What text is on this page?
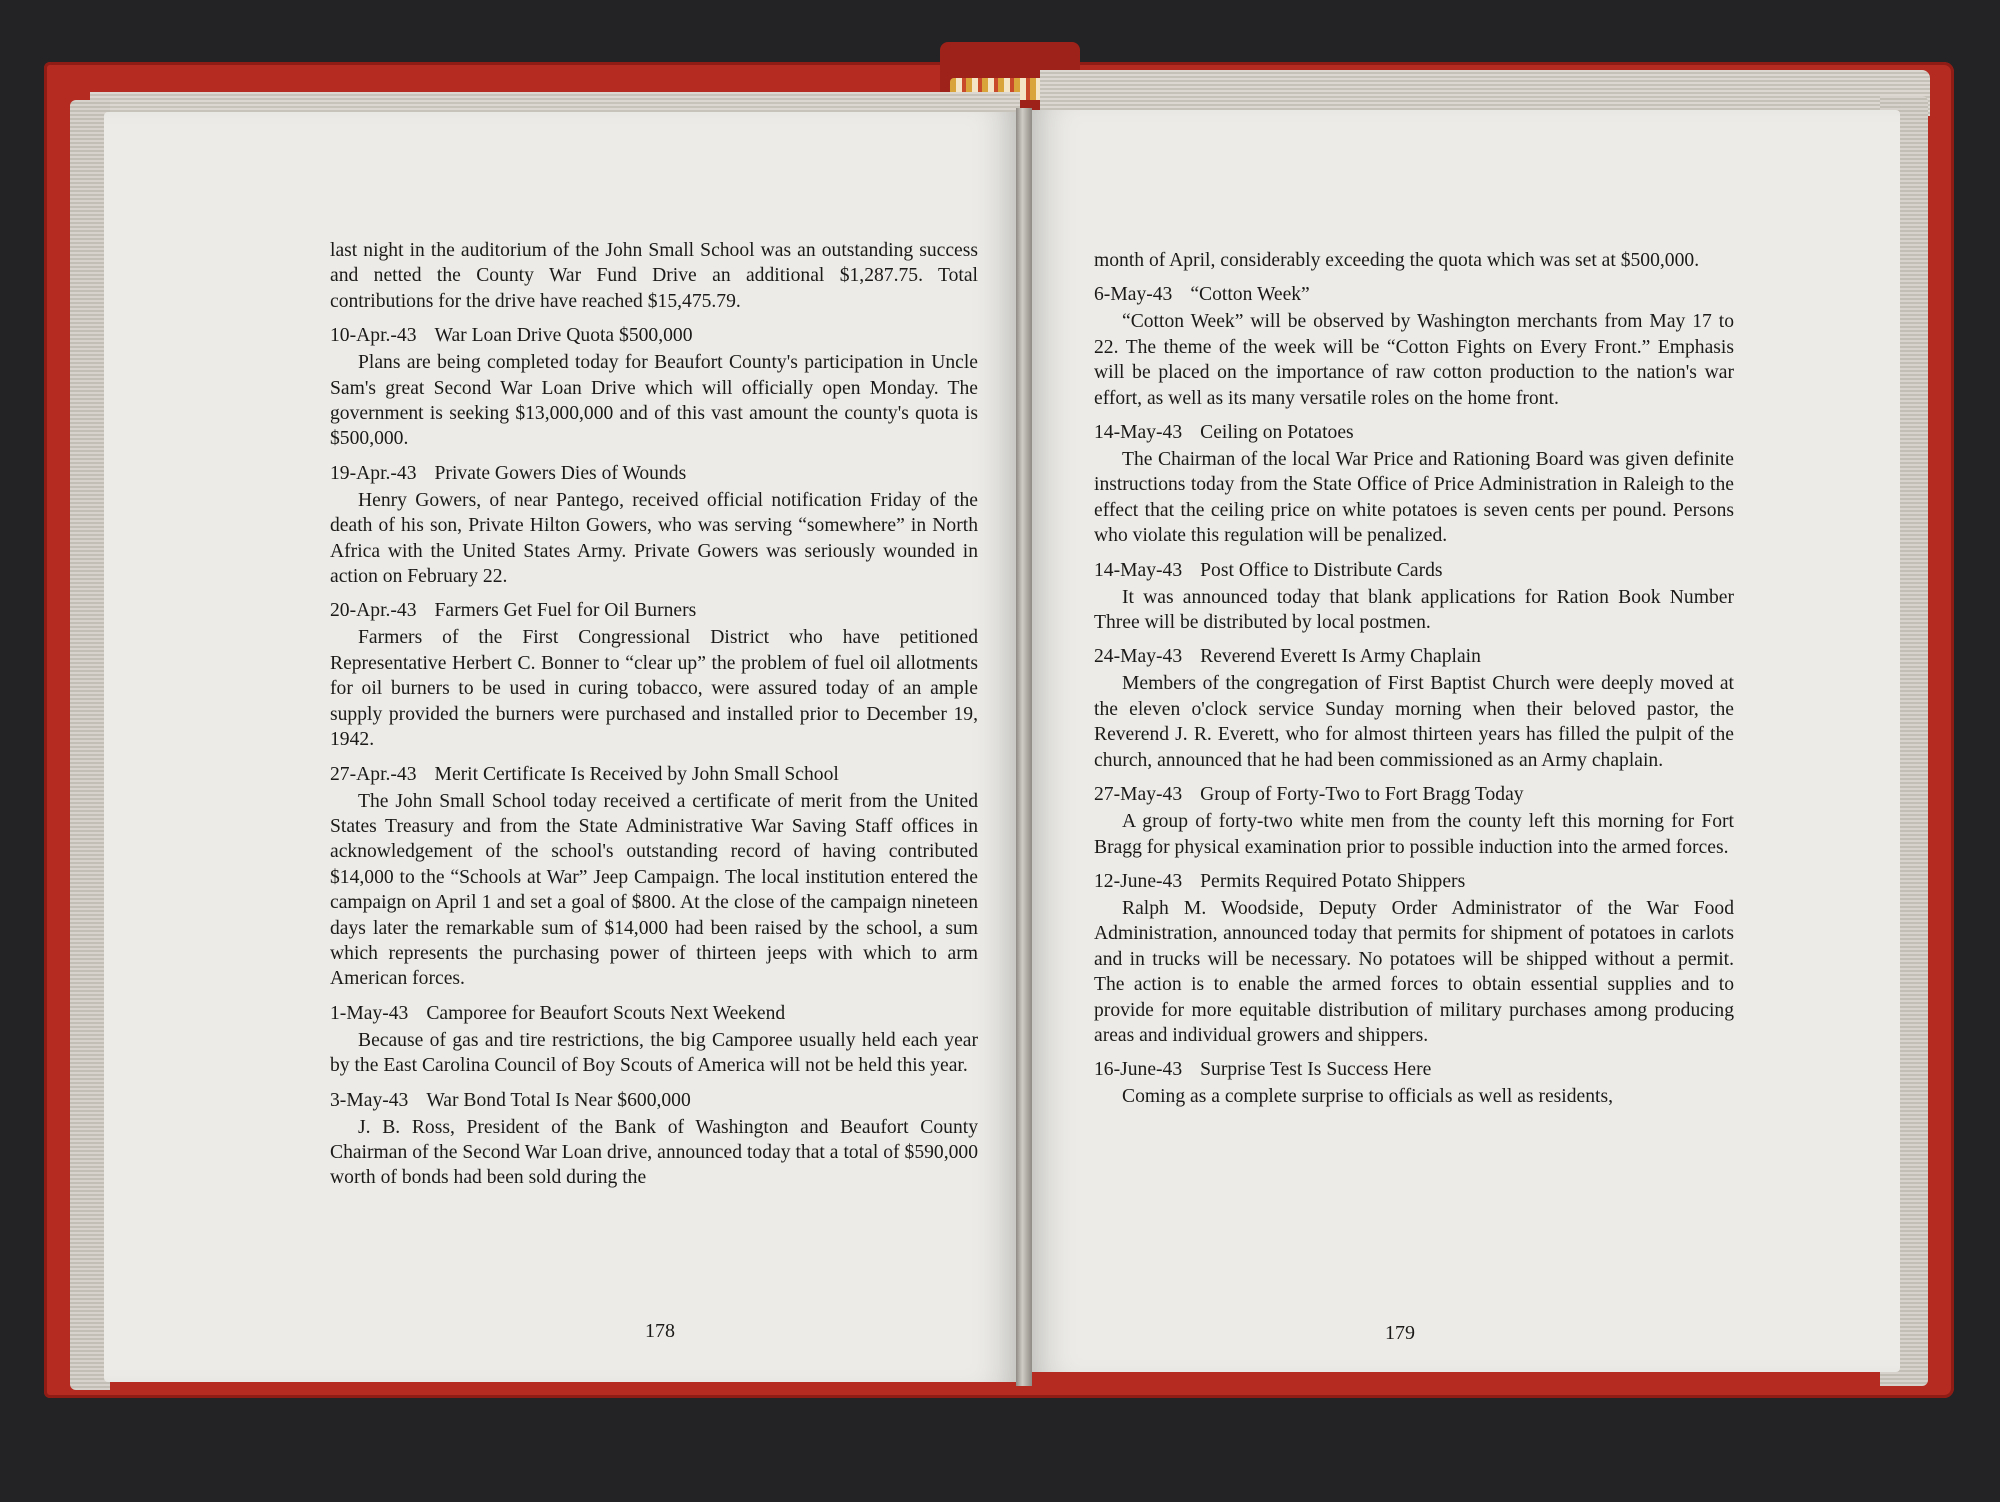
last night in the auditorium of the John Small School was an outstanding success and netted the County War Fund Drive an additional $1,287.75. Total contributions for the drive have reached $15,475.79.

10-Apr.-43 War Loan Drive Quota $500,000

Plans are being completed today for Beaufort County's participation in Uncle Sam's great Second War Loan Drive which will officially open Monday. The government is seeking $13,000,000 and of this vast amount the county's quota is $500,000.

19-Apr.-43 Private Gowers Dies of Wounds

Henry Gowers, of near Pantego, received official notification Friday of the death of his son, Private Hilton Gowers, who was serving “somewhere” in North Africa with the United States Army. Private Gowers was seriously wounded in action on February 22.

20-Apr.-43 Farmers Get Fuel for Oil Burners

Farmers of the First Congressional District who have petitioned Representative Herbert C. Bonner to “clear up” the problem of fuel oil allotments for oil burners to be used in curing tobacco, were assured today of an ample supply provided the burners were purchased and installed prior to December 19, 1942.

27-Apr.-43 Merit Certificate Is Received by John Small School

The John Small School today received a certificate of merit from the United States Treasury and from the State Administrative War Saving Staff offices in acknowledgement of the school's outstanding record of having contributed $14,000 to the “Schools at War” Jeep Campaign. The local institution entered the campaign on April 1 and set a goal of $800. At the close of the campaign nineteen days later the remarkable sum of $14,000 had been raised by the school, a sum which represents the purchasing power of thirteen jeeps with which to arm American forces.

1-May-43 Camporee for Beaufort Scouts Next Weekend

Because of gas and tire restrictions, the big Camporee usually held each year by the East Carolina Council of Boy Scouts of America will not be held this year.

3-May-43 War Bond Total Is Near $600,000

J. B. Ross, President of the Bank of Washington and Beaufort County Chairman of the Second War Loan drive, announced today that a total of $590,000 worth of bonds had been sold during the

178

month of April, considerably exceeding the quota which was set at $500,000.

6-May-43 “Cotton Week”

“Cotton Week” will be observed by Washington merchants from May 17 to 22. The theme of the week will be “Cotton Fights on Every Front.” Emphasis will be placed on the importance of raw cotton production to the nation's war effort, as well as its many versatile roles on the home front.

14-May-43 Ceiling on Potatoes

The Chairman of the local War Price and Rationing Board was given definite instructions today from the State Office of Price Administration in Raleigh to the effect that the ceiling price on white potatoes is seven cents per pound. Persons who violate this regulation will be penalized.

14-May-43 Post Office to Distribute Cards

It was announced today that blank applications for Ration Book Number Three will be distributed by local postmen.

24-May-43 Reverend Everett Is Army Chaplain

Members of the congregation of First Baptist Church were deeply moved at the eleven o'clock service Sunday morning when their beloved pastor, the Reverend J. R. Everett, who for almost thirteen years has filled the pulpit of the church, announced that he had been commissioned as an Army chaplain.

27-May-43 Group of Forty-Two to Fort Bragg Today

A group of forty-two white men from the county left this morning for Fort Bragg for physical examination prior to possible induction into the armed forces.

12-June-43 Permits Required Potato Shippers

Ralph M. Woodside, Deputy Order Administrator of the War Food Administration, announced today that permits for shipment of potatoes in carlots and in trucks will be necessary. No potatoes will be shipped without a permit. The action is to enable the armed forces to obtain essential supplies and to provide for more equitable distribution of military purchases among producing areas and individual growers and shippers.

16-June-43 Surprise Test Is Success Here

Coming as a complete surprise to officials as well as residents,

179
